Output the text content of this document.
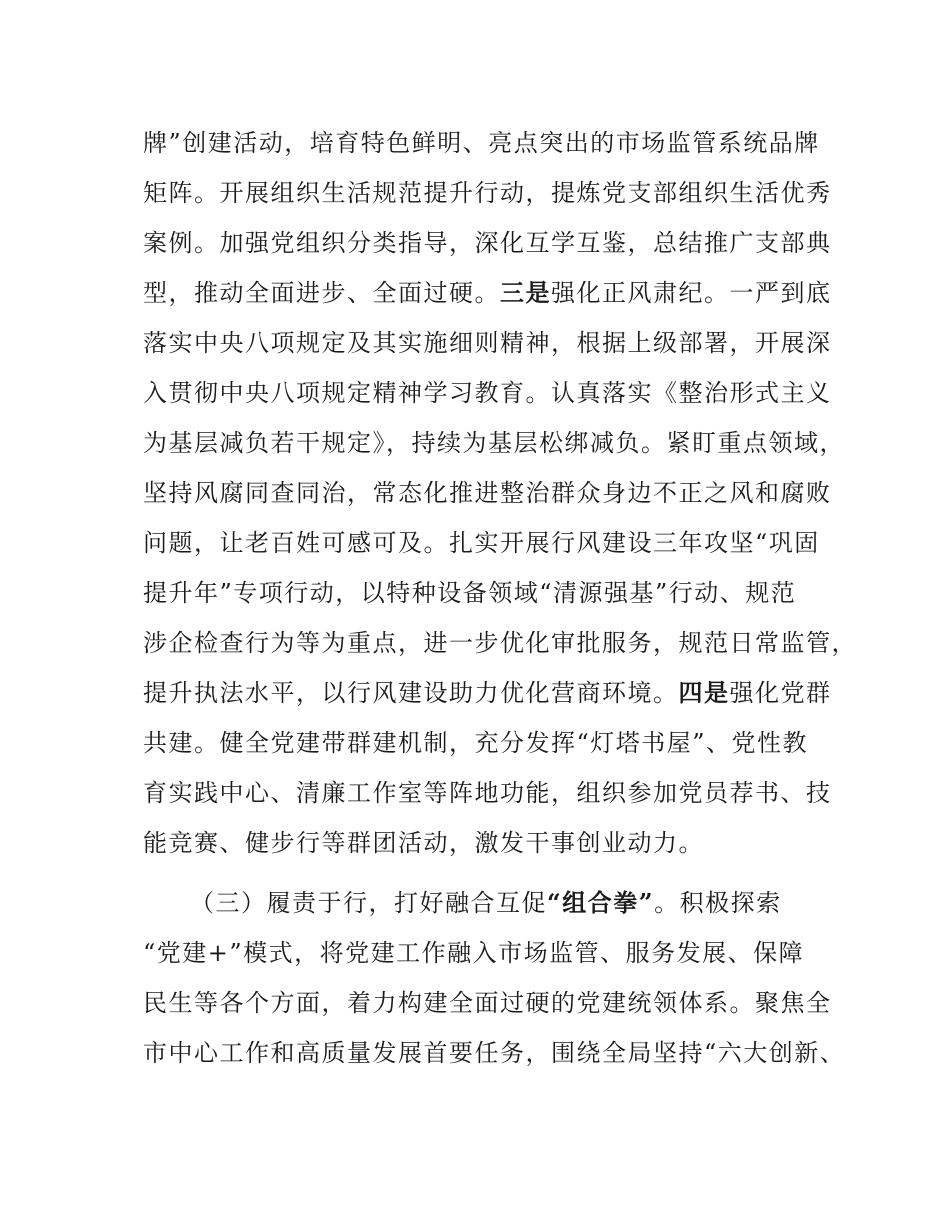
牌”创建活动，培育特色鲜明、亮点突出的市场监管系统品牌
矩阵。开展组织生活规范提升行动，提炼党支部组织生活优秀
案例。加强党组织分类指导，深化互学互鉴，总结推广支部典
型，推动全面进步、全面过硬。三是强化正风肃纪。一严到底
落实中央八项规定及其实施细则精神，根据上级部署，开展深
入贯彻中央八项规定精神学习教育。认真落实《整治形式主义
为基层减负若干规定》，持续为基层松绑减负。紧盯重点领域，
坚持风腐同查同治，常态化推进整治群众身边不正之风和腐败
问题，让老百姓可感可及。扎实开展行风建设三年攻坚“巩固
提升年”专项行动，以特种设备领域“清源强基”行动、规范
涉企检查行为等为重点，进一步优化审批服务，规范日常监管，
提升执法水平，以行风建设助力优化营商环境。四是强化党群
共建。健全党建带群建机制，充分发挥“灯塔书屋”、党性教
育实践中心、清廉工作室等阵地功能，组织参加党员荐书、技
能竞赛、健步行等群团活动，激发干事创业动力。
（三）履责于行，打好融合互促“组合拳”。积极探索
“党建+”模式，将党建工作融入市场监管、服务发展、保障
民生等各个方面，着力构建全面过硬的党建统领体系。聚焦全
市中心工作和高质量发展首要任务，围绕全局坚持“六大创新、
